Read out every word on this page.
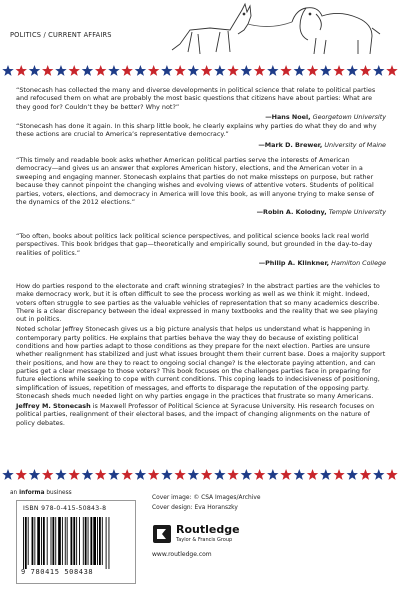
POLITICS / CURRENT AFFAIRS
“Stonecash has collected the many and diverse developments in political science that relate to political parties and refocused them on what are probably the most basic questions that citizens have about parties: What are they good for? Couldn’t they be better? Why not?”
—Hans Noel, Georgetown University
“Stonecash has done it again. In this sharp little book, he clearly explains why parties do what they do and why these actions are crucial to America’s representative democracy.”
—Mark D. Brewer, University of Maine
“This timely and readable book asks whether American political parties serve the interests of American democracy—and gives us an answer that explores American history, elections, and the American voter in a sweeping and engaging manner. Stonecash explains that parties do not make missteps on purpose, but rather because they cannot pinpoint the changing wishes and evolving views of attentive voters. Students of political parties, voters, elections, and democracy in America will love this book, as will anyone trying to make sense of the dynamics of the 2012 elections.”
—Robin A. Kolodny, Temple University
“Too often, books about politics lack political science perspectives, and political science books lack real world perspectives. This book bridges that gap—theoretically and empirically sound, but grounded in the day-to-day realities of politics.”
—Philip A. Klinkner, Hamilton College
How do parties respond to the electorate and craft winning strategies? In the abstract parties are the vehicles to make democracy work, but it is often difficult to see the process working as well as we think it might. Indeed, voters often struggle to see parties as the valuable vehicles of representation that so many academics describe. There is a clear discrepancy between the ideal expressed in many textbooks and the reality that we see playing out in politics.
Noted scholar Jeffrey Stonecash gives us a big picture analysis that helps us understand what is happening in contemporary party politics. He explains that parties behave the way they do because of existing political conditions and how parties adapt to those conditions as they prepare for the next election. Parties are unsure whether realignment has stabilized and just what issues brought them their current base. Does a majority support their positions, and how are they to react to ongoing social change? Is the electorate paying attention, and can parties get a clear message to those voters? This book focuses on the challenges parties face in preparing for future elections while seeking to cope with current conditions. This coping leads to indecisiveness of positioning, simplification of issues, repetition of messages, and efforts to disparage the reputation of the opposing party. Stonecash sheds much needed light on why parties engage in the practices that frustrate so many Americans.
Jeffrey M. Stonecash is Maxwell Professor of Political Science at Syracuse University. His research focuses on political parties, realignment of their electoral bases, and the impact of changing alignments on the nature of policy debates.
an informa business
ISBN 978-0-415-50843-8
9 780415 508438
Cover image: © CSA Images/Archive
Cover design: Eva Horanszky
Routledge
Taylor & Francis Group
www.routledge.com
